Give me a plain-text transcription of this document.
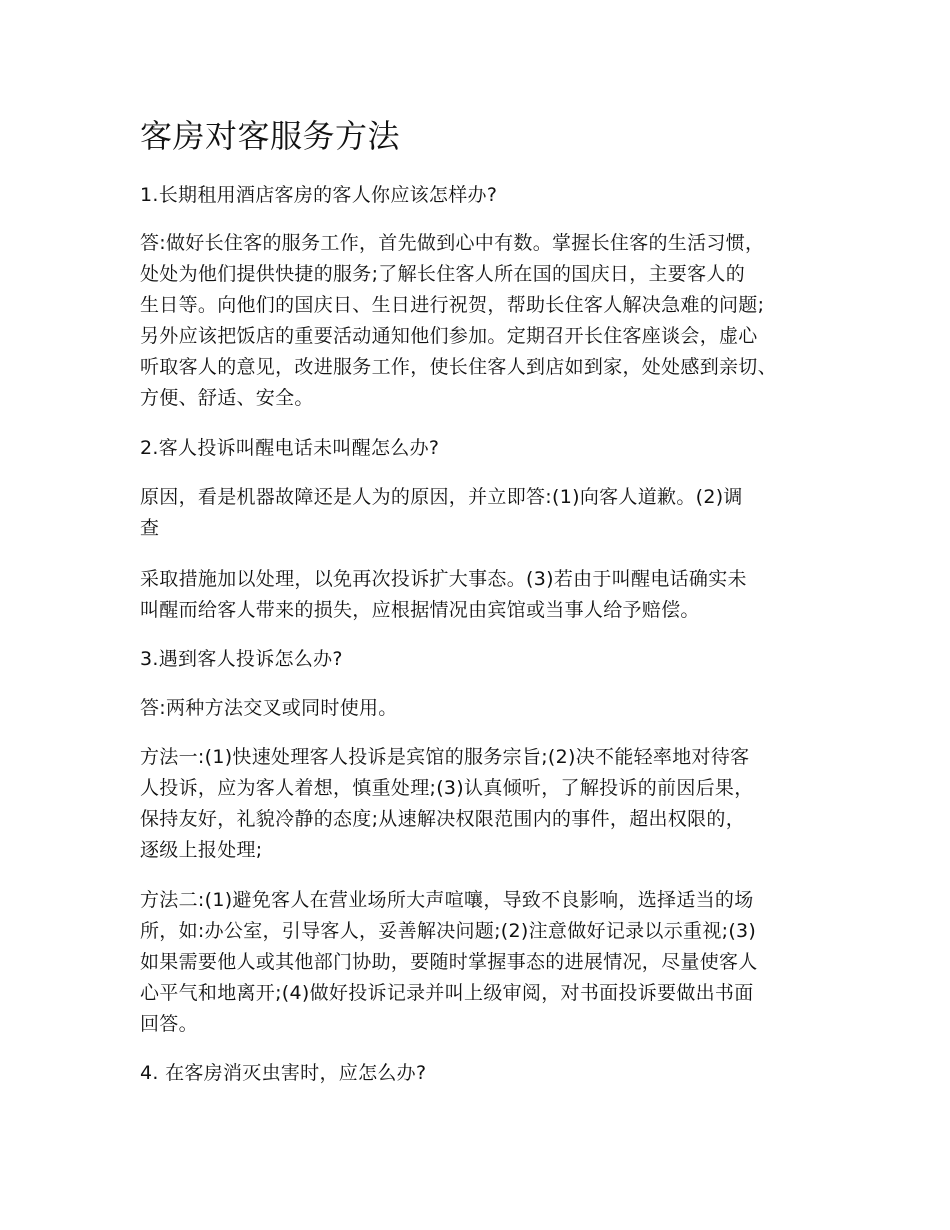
客房对客服务方法

1.长期租用酒店客房的客人你应该怎样办?

答:做好长住客的服务工作，首先做到心中有数。掌握长住客的生活习惯，
处处为他们提供快捷的服务;了解长住客人所在国的国庆日，主要客人的
生日等。向他们的国庆日、生日进行祝贺，帮助长住客人解决急难的问题;
另外应该把饭店的重要活动通知他们参加。定期召开长住客座谈会，虚心
听取客人的意见，改进服务工作，使长住客人到店如到家，处处感到亲切、
方便、舒适、安全。

2.客人投诉叫醒电话未叫醒怎么办?

原因，看是机器故障还是人为的原因，并立即答:(1)向客人道歉。(2)调
查

采取措施加以处理，以免再次投诉扩大事态。(3)若由于叫醒电话确实未
叫醒而给客人带来的损失，应根据情况由宾馆或当事人给予赔偿。

3.遇到客人投诉怎么办?

答:两种方法交叉或同时使用。

方法一:(1)快速处理客人投诉是宾馆的服务宗旨;(2)决不能轻率地对待客
人投诉，应为客人着想，慎重处理;(3)认真倾听，了解投诉的前因后果，
保持友好，礼貌冷静的态度;从速解决权限范围内的事件，超出权限的，
逐级上报处理;

方法二:(1)避免客人在营业场所大声喧嚷，导致不良影响，选择适当的场
所，如:办公室，引导客人，妥善解决问题;(2)注意做好记录以示重视;(3)
如果需要他人或其他部门协助，要随时掌握事态的进展情况，尽量使客人
心平气和地离开;(4)做好投诉记录并叫上级审阅，对书面投诉要做出书面
回答。

4. 在客房消灭虫害时，应怎么办?
